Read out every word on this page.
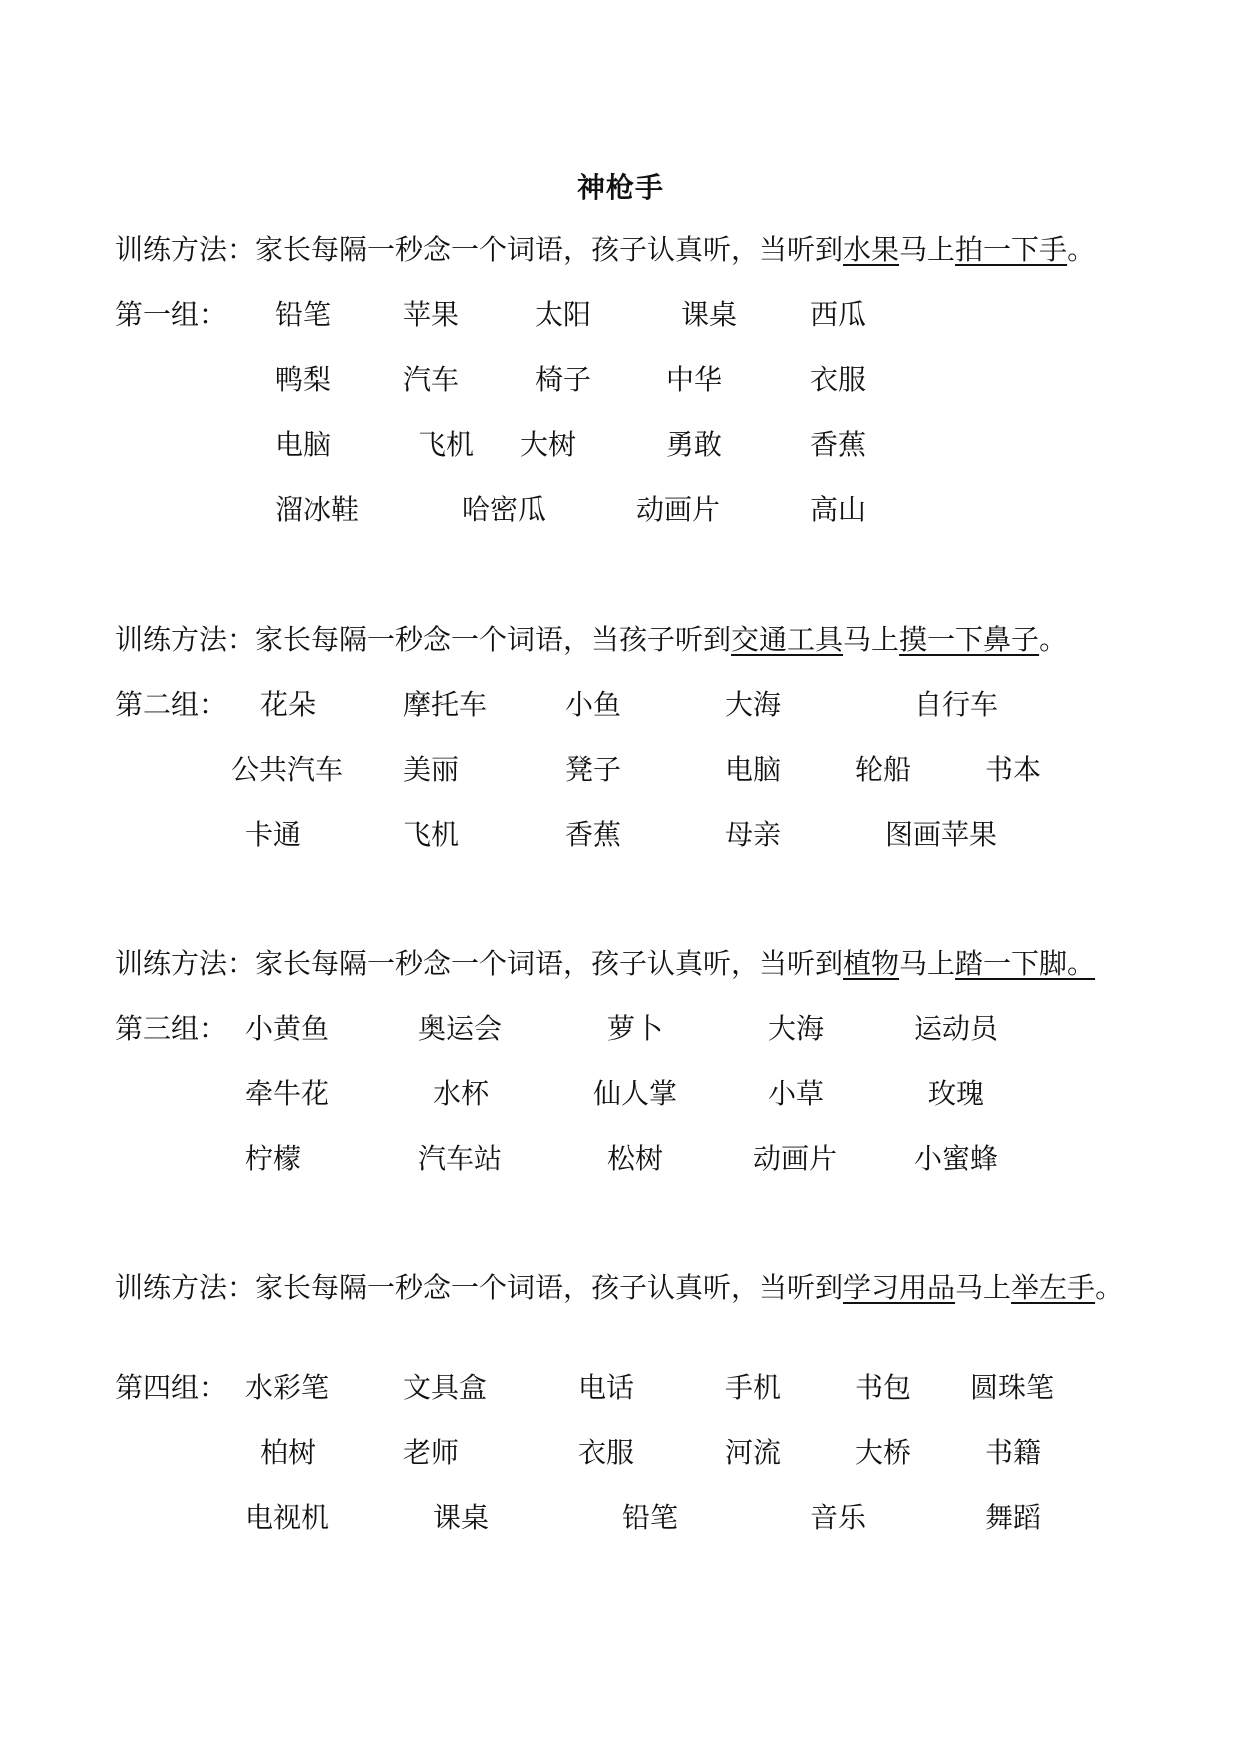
神枪手
训练方法：家长每隔一秒念一个词语，孩子认真听，当听到水果马上拍一下手。
第一组： 铅笔	苹果	太阳	课桌	西瓜
鸭梨	汽车	椅子	中华	衣服
电脑	飞机 大树	勇敢	香蕉
溜冰鞋	哈密瓜	动画片	高山
训练方法：家长每隔一秒念一个词语，当孩子听到交通工具马上摸一下鼻子。
第二组： 花朵	摩托车	小鱼	大海	自行车
公共汽车 美丽	凳子	电脑	轮船	书本
卡通	飞机	香蕉	母亲	图画苹果
训练方法：家长每隔一秒念一个词语，孩子认真听，当听到植物马上踏一下脚。
第三组： 小黄鱼	奥运会	萝卜	大海	运动员
牵牛花	水杯	仙人掌	小草	玫瑰
柠檬	汽车站	松树	动画片	小蜜蜂
训练方法：家长每隔一秒念一个词语，孩子认真听，当听到学习用品马上举左手。
第四组： 水彩笔	文具盒	电话	手机	书包 圆珠笔
柏树	老师	衣服	河流	大桥	书籍
电视机	课桌	铅笔	音乐	舞蹈
